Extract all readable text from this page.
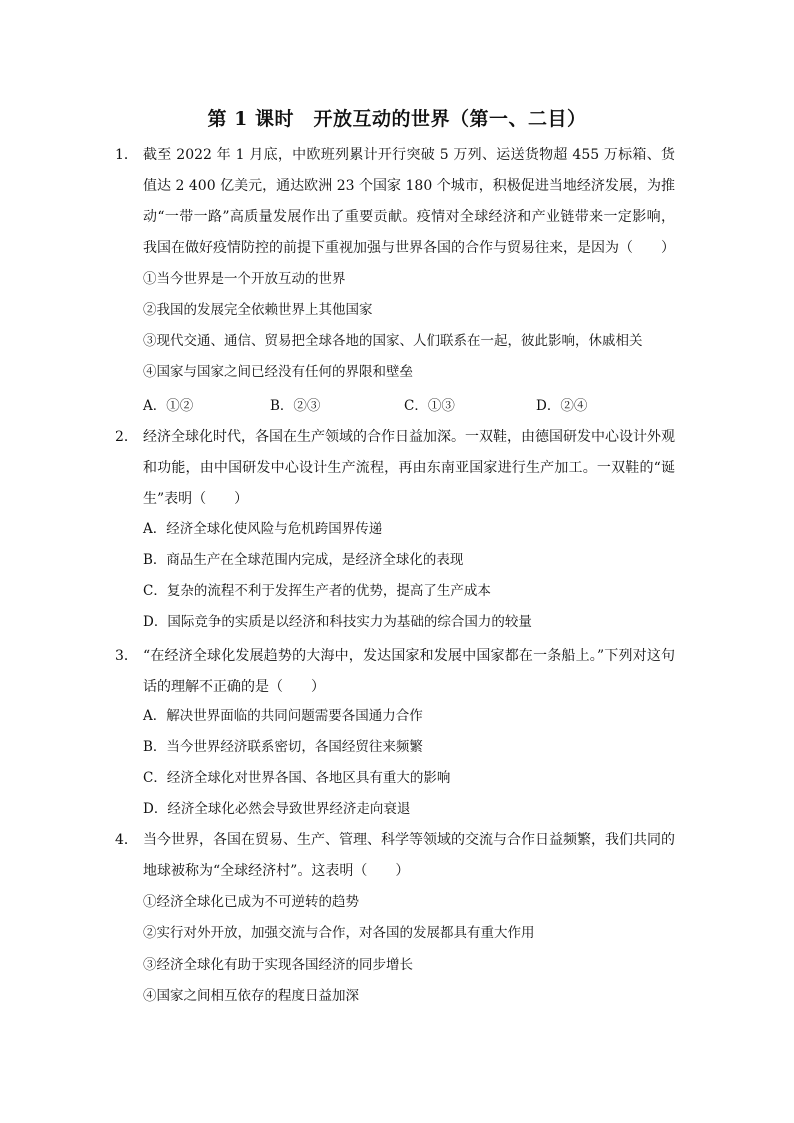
第 1 课时　开放互动的世界（第一、二目）
1． 截至 2022 年 1 月底，中欧班列累计开行突破 5 万列、运送货物超 455 万标箱、货值达 2 400 亿美元，通达欧洲 23 个国家 180 个城市，积极促进当地经济发展，为推动“一带一路”高质量发展作出了重要贡献。疫情对全球经济和产业链带来一定影响，我国在做好疫情防控的前提下重视加强与世界各国的合作与贸易往来，是因为（　　）
①当今世界是一个开放互动的世界
②我国的发展完全依赖世界上其他国家
③现代交通、通信、贸易把全球各地的国家、人们联系在一起，彼此影响，休戚相关
④国家与国家之间已经没有任何的界限和壁垒
A．①②	B．②③	C．①③	D．②④
2． 经济全球化时代，各国在生产领域的合作日益加深。一双鞋，由德国研发中心设计外观和功能，由中国研发中心设计生产流程，再由东南亚国家进行生产加工。一双鞋的“诞生”表明（　　）
A．经济全球化使风险与危机跨国界传递
B．商品生产在全球范围内完成，是经济全球化的表现
C．复杂的流程不利于发挥生产者的优势，提高了生产成本
D．国际竞争的实质是以经济和科技实力为基础的综合国力的较量
3． “在经济全球化发展趋势的大海中，发达国家和发展中国家都在一条船上。”下列对这句话的理解不正确的是（　　）
A．解决世界面临的共同问题需要各国通力合作
B．当今世界经济联系密切，各国经贸往来频繁
C．经济全球化对世界各国、各地区具有重大的影响
D．经济全球化必然会导致世界经济走向衰退
4． 当今世界，各国在贸易、生产、管理、科学等领域的交流与合作日益频繁，我们共同的地球被称为“全球经济村”。这表明（　　）
①经济全球化已成为不可逆转的趋势
②实行对外开放，加强交流与合作，对各国的发展都具有重大作用
③经济全球化有助于实现各国经济的同步增长
④国家之间相互依存的程度日益加深
